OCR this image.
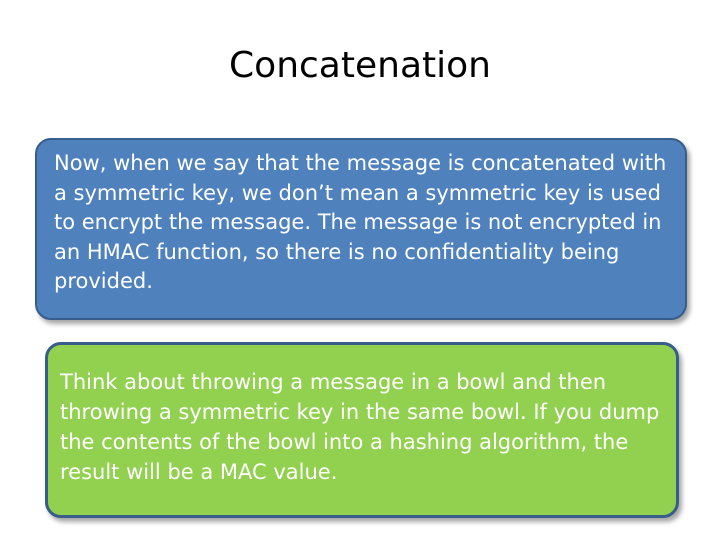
Concatenation

Now, when we say that the message is concatenated with a symmetric key, we don’t mean a symmetric key is used to encrypt the message. The message is not encrypted in an HMAC function, so there is no confidentiality being provided.

Think about throwing a message in a bowl and then throwing a symmetric key in the same bowl. If you dump the contents of the bowl into a hashing algorithm, the result will be a MAC value.
